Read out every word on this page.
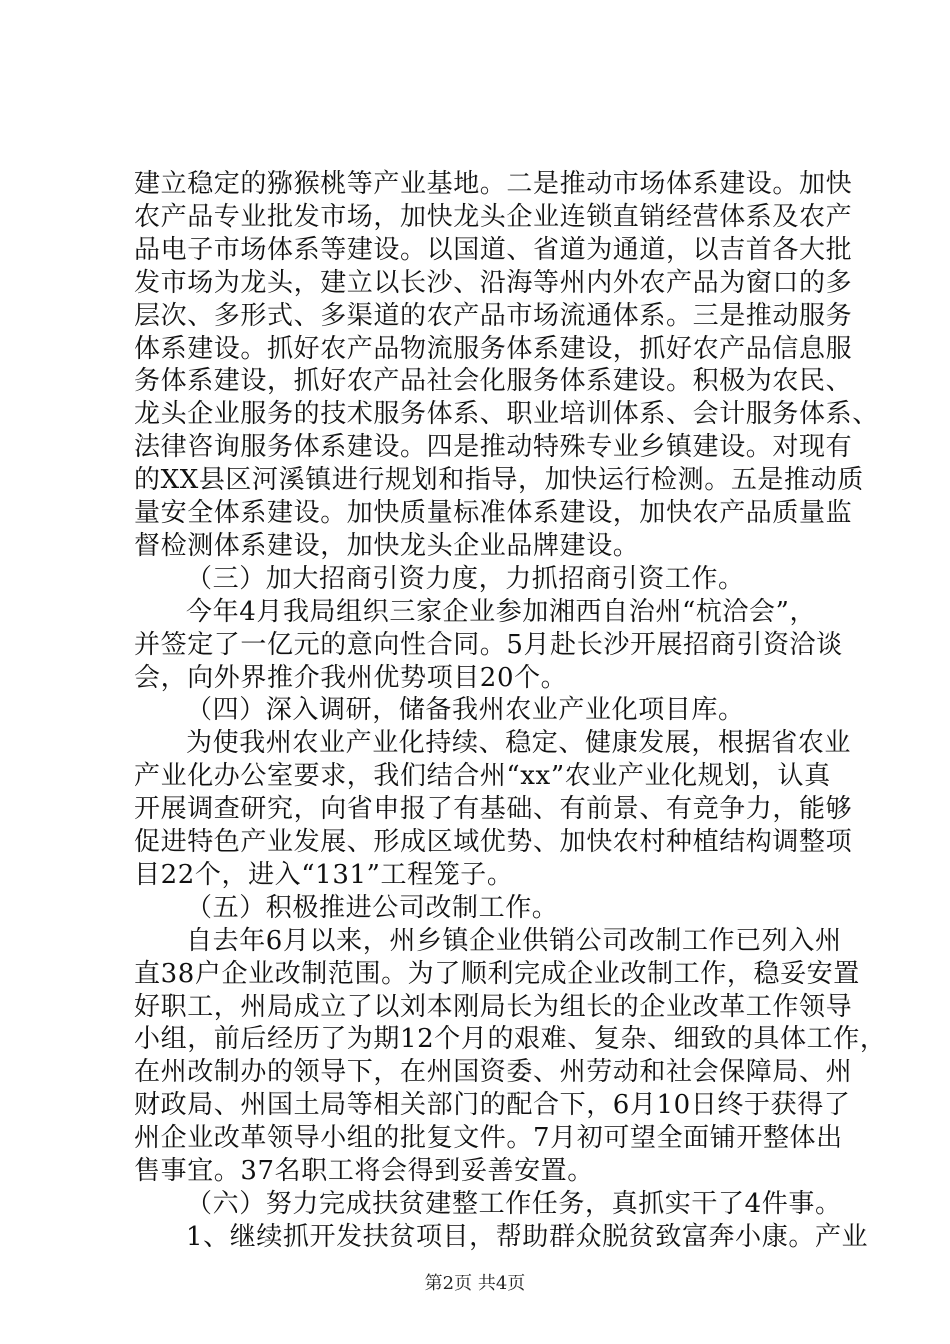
建立稳定的猕猴桃等产业基地。二是推动市场体系建设。加快
农产品专业批发市场，加快龙头企业连锁直销经营体系及农产
品电子市场体系等建设。以国道、省道为通道，以吉首各大批
发市场为龙头，建立以长沙、沿海等州内外农产品为窗口的多
层次、多形式、多渠道的农产品市场流通体系。三是推动服务
体系建设。抓好农产品物流服务体系建设，抓好农产品信息服
务体系建设，抓好农产品社会化服务体系建设。积极为农民、
龙头企业服务的技术服务体系、职业培训体系、会计服务体系、
法律咨询服务体系建设。四是推动特殊专业乡镇建设。对现有
的XX县区河溪镇进行规划和指导，加快运行检测。五是推动质
量安全体系建设。加快质量标准体系建设，加快农产品质量监
督检测体系建设，加快龙头企业品牌建设。
（三）加大招商引资力度，力抓招商引资工作。
今年4月我局组织三家企业参加湘西自治州“杭洽会”，
并签定了一亿元的意向性合同。5月赴长沙开展招商引资洽谈
会，向外界推介我州优势项目20个。
（四）深入调研，储备我州农业产业化项目库。
为使我州农业产业化持续、稳定、健康发展，根据省农业
产业化办公室要求，我们结合州“xx”农业产业化规划，认真
开展调查研究，向省申报了有基础、有前景、有竞争力，能够
促进特色产业发展、形成区域优势、加快农村种植结构调整项
目22个，进入“131”工程笼子。
（五）积极推进公司改制工作。
自去年6月以来，州乡镇企业供销公司改制工作已列入州
直38户企业改制范围。为了顺利完成企业改制工作，稳妥安置
好职工，州局成立了以刘本刚局长为组长的企业改革工作领导
小组，前后经历了为期12个月的艰难、复杂、细致的具体工作，
在州改制办的领导下，在州国资委、州劳动和社会保障局、州
财政局、州国土局等相关部门的配合下，6月10日终于获得了
州企业改革领导小组的批复文件。7月初可望全面铺开整体出
售事宜。37名职工将会得到妥善安置。
（六）努力完成扶贫建整工作任务，真抓实干了4件事。
1、继续抓开发扶贫项目，帮助群众脱贫致富奔小康。产业
第2页 共4页
